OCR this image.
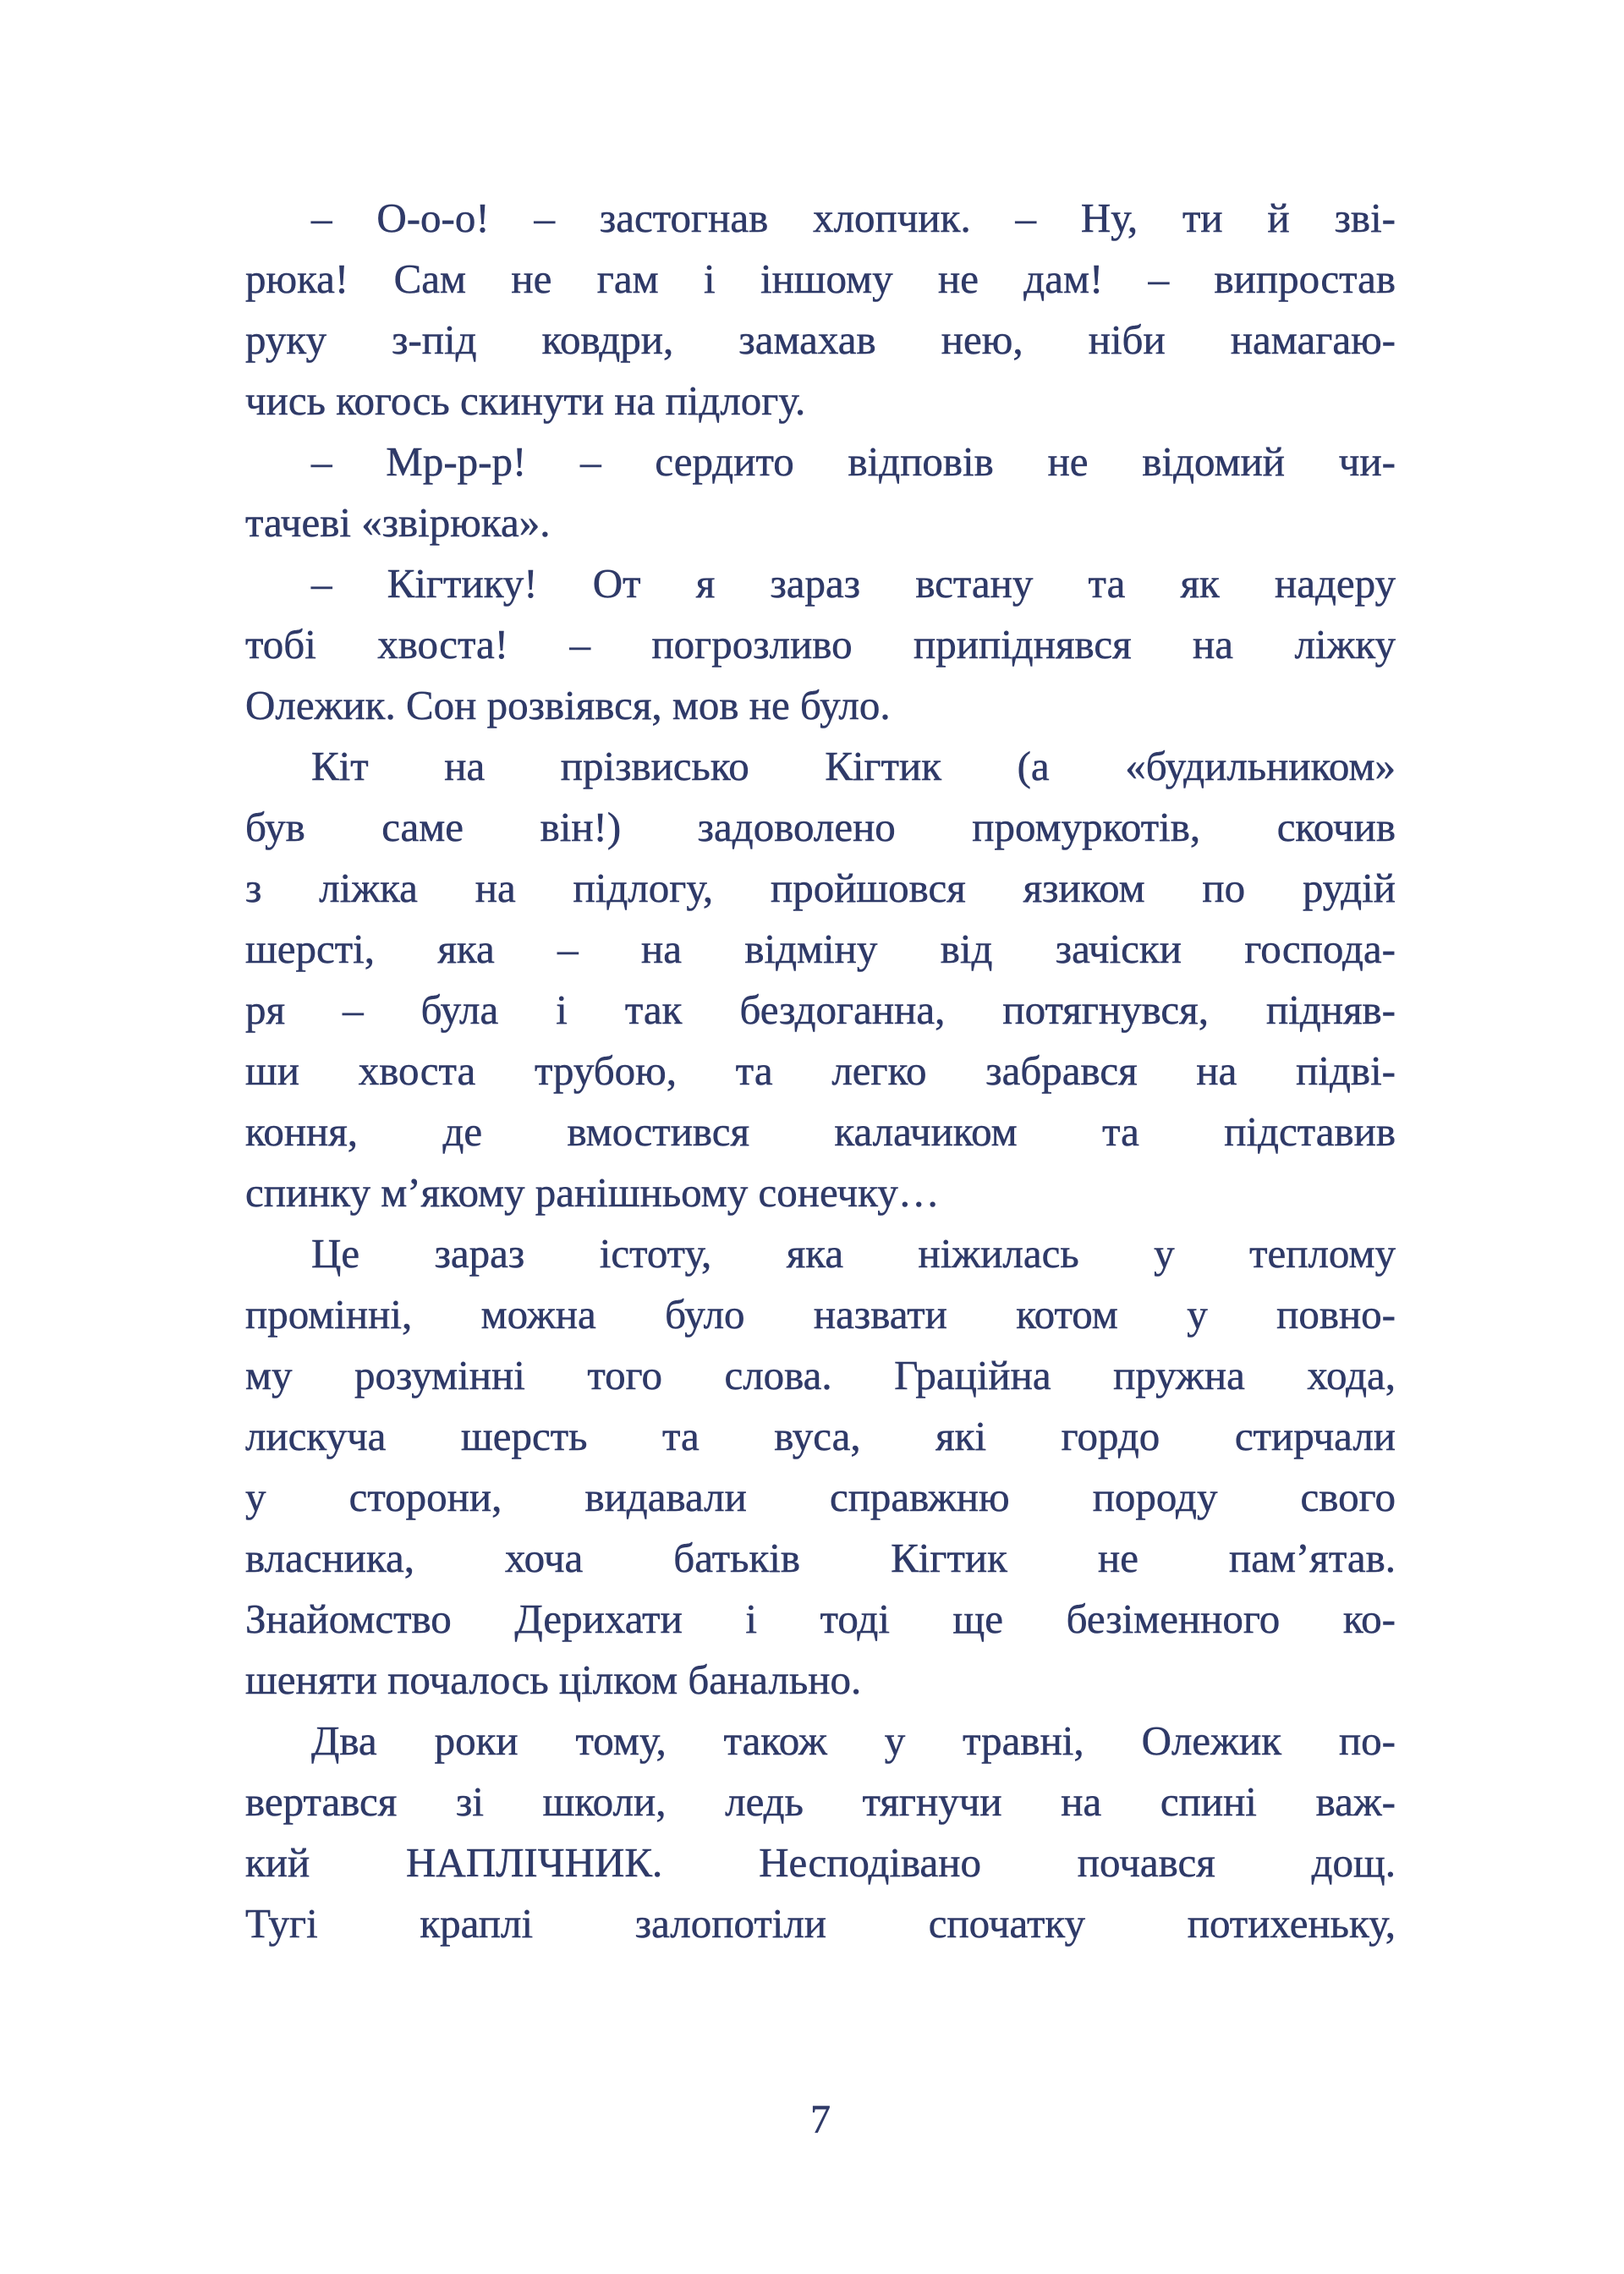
– О-о-о! – застогнав хлопчик. – Ну, ти й зві-
рюка! Сам не гам і іншому не дам! – випростав
руку з-під ковдри, замахав нею, ніби намагаю-
чись когось скинути на підлогу.

– Мр-р-р! – сердито відповів не відомий чи-
тачеві «звірюка».

– Кігтику! От я зараз встану та як надеру
тобі хвоста! – погрозливо припіднявся на ліжку
Олежик. Сон розвіявся, мов не було.

Кіт на прізвисько Кігтик (а «будильником»
був саме він!) задоволено промуркотів, скочив
з ліжка на підлогу, пройшовся язиком по рудій
шерсті, яка – на відміну від зачіски господа-
ря – була і так бездоганна, потягнувся, підняв-
ши хвоста трубою, та легко забрався на підві-
коння, де вмостився калачиком та підставив
спинку м’якому ранішньому сонечку…

Це зараз істоту, яка ніжилась у теплому
промінні, можна було назвати котом у повно-
му розумінні того слова. Граційна пружна хода,
лискуча шерсть та вуса, які гордо стирчали
у сторони, видавали справжню породу свого
власника, хоча батьків Кігтик не пам’ятав.
Знайомство Дерихати і тоді ще безіменного ко-
шеняти почалось цілком банально.

Два роки тому, також у травні, Олежик по-
вертався зі школи, ледь тягнучи на спині важ-
кий НАПЛІЧНИК. Несподівано почався дощ.
Тугі краплі залопотіли спочатку потихеньку,

7
